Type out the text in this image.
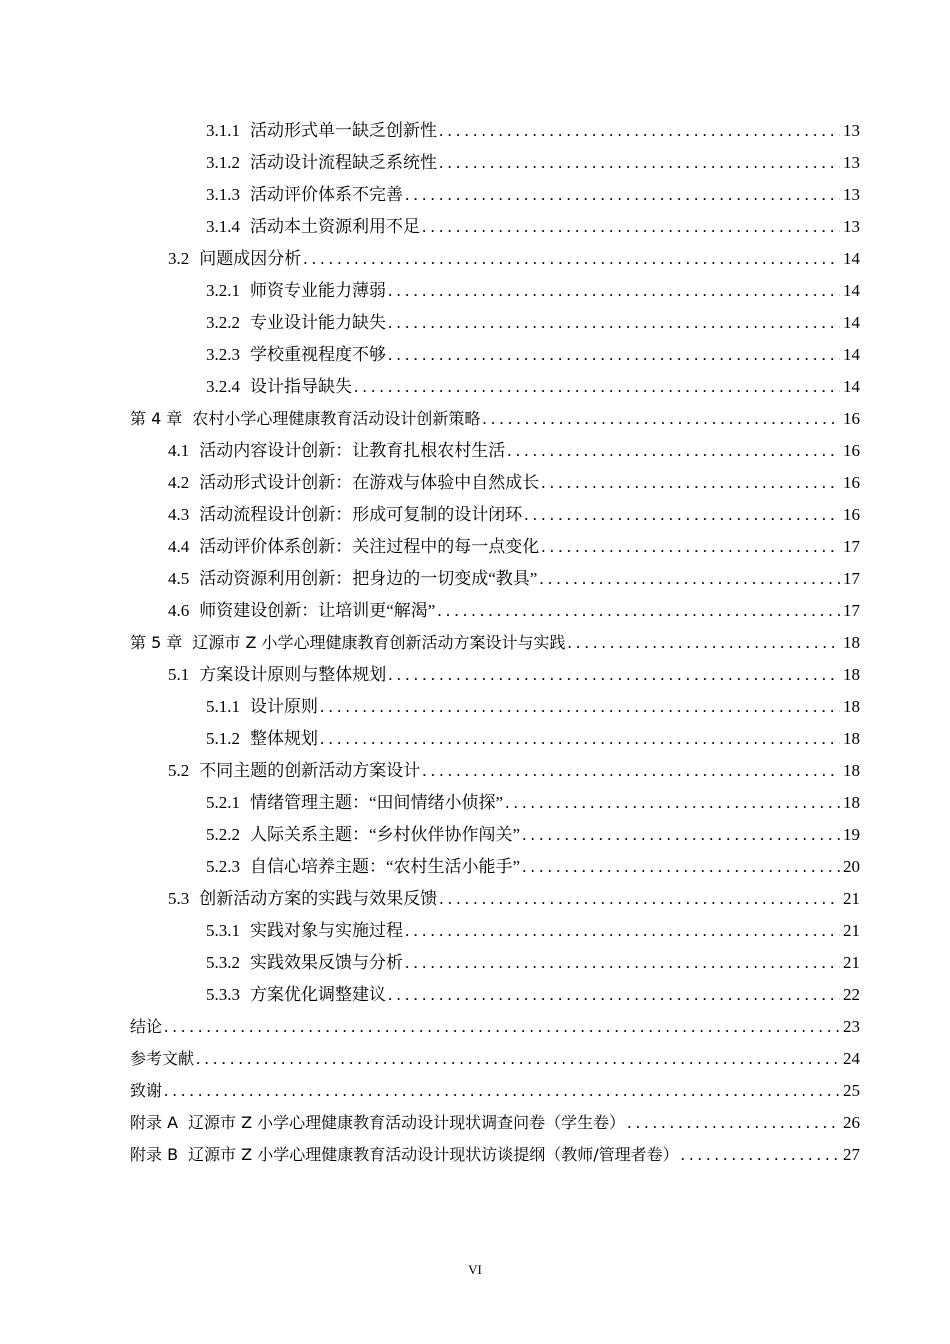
3.1.1 活动形式单一缺乏创新性 . . .	13
3.1.2 活动设计流程缺乏系统性 . . .	13
3.1.3 活动评价体系不完善 . . .	13
3.1.4 活动本土资源利用不足 . . .	13
3.2 问题成因分析 . . .	14
3.2.1 师资专业能力薄弱 . . .	14
3.2.2 专业设计能力缺失 . . .	14
3.2.3 学校重视程度不够 . . .	14
3.2.4 设计指导缺失 . . .	14
第 4 章 农村小学心理健康教育活动设计创新策略 . . .	16
4.1 活动内容设计创新：让教育扎根农村生活 . . .	16
4.2 活动形式设计创新：在游戏与体验中自然成长 . . .	16
4.3 活动流程设计创新：形成可复制的设计闭环 . . .	16
4.4 活动评价体系创新：关注过程中的每一点变化 . . .	17
4.5 活动资源利用创新：把身边的一切变成“教具” . . .	17
4.6 师资建设创新：让培训更“解渴” . . .	17
第 5 章 辽源市 Z 小学心理健康教育创新活动方案设计与实践 . . .	18
5.1 方案设计原则与整体规划 . . .	18
5.1.1 设计原则 . . .	18
5.1.2 整体规划 . . .	18
5.2 不同主题的创新活动方案设计 . . .	18
5.2.1 情绪管理主题：“田间情绪小侦探” . . .	18
5.2.2 人际关系主题：“乡村伙伴协作闯关” . . .	19
5.2.3 自信心培养主题：“农村生活小能手” . . .	20
5.3 创新活动方案的实践与效果反馈 . . .	21
5.3.1 实践对象与实施过程 . . .	21
5.3.2 实践效果反馈与分析 . . .	21
5.3.3 方案优化调整建议 . . .	22
结论 . . .	23
参考文献 . . .	24
致谢 . . .	25
附录 A 辽源市 Z 小学心理健康教育活动设计现状调查问卷（学生卷） . . .	26
附录 B 辽源市 Z 小学心理健康教育活动设计现状访谈提纲（教师/管理者卷） . . .	27
VI
